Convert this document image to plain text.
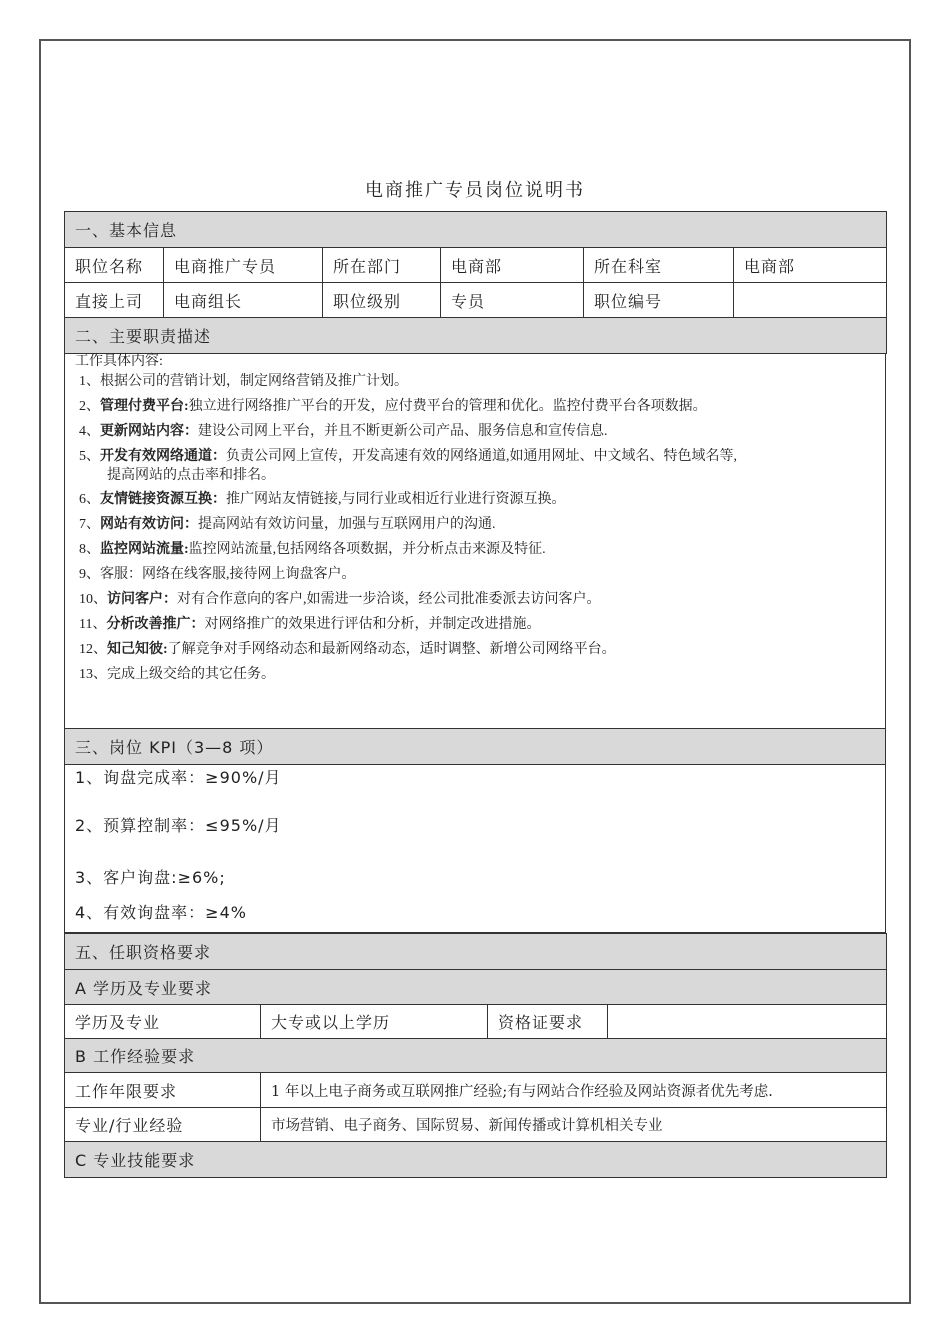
电商推广专员岗位说明书
一、基本信息					
职位名称	电商推广专员	所在部门	电商部	所在科室	电商部
直接上司	电商组长	职位级别	专员	职位编号	
二、主要职责描述					
工作具体内容:
1、根据公司的营销计划，制定网络营销及推广计划。
2、管理付费平台:独立进行网络推广平台的开发，应付费平台的管理和优化。监控付费平台各项数据。
4、更新网站内容：建设公司网上平台，并且不断更新公司产品、服务信息和宣传信息.
5、开发有效网络通道：负责公司网上宣传，开发高速有效的网络通道,如通用网址、中文域名、特色域名等,
提高网站的点击率和排名。
6、友情链接资源互换：推广网站友情链接,与同行业或相近行业进行资源互换。
7、网站有效访问：提高网站有效访问量，加强与互联网用户的沟通.
8、监控网站流量:监控网站流量,包括网络各项数据，并分析点击来源及特征.
9、客服：网络在线客服,接待网上询盘客户。
10、访问客户：对有合作意向的客户,如需进一步洽谈，经公司批准委派去访问客户。
11、分析改善推广：对网络推广的效果进行评估和分析，并制定改进措施。
12、知己知彼:了解竞争对手网络动态和最新网络动态，适时调整、新增公司网络平台。
13、完成上级交给的其它任务。
三、岗位 KPI（3—8 项）
1、询盘完成率：≥90%/月
2、预算控制率：≤95%/月
3、客户询盘:≥6%;
4、有效询盘率：≥4%
五、任职资格要求			
A 学历及专业要求			
学历及专业	大专或以上学历	资格证要求	
B 工作经验要求			
工作年限要求	1 年以上电子商务或互联网推广经验;有与网站合作经验及网站资源者优先考虑.		
专业/行业经验	市场营销、电子商务、国际贸易、新闻传播或计算机相关专业		
C 专业技能要求			
